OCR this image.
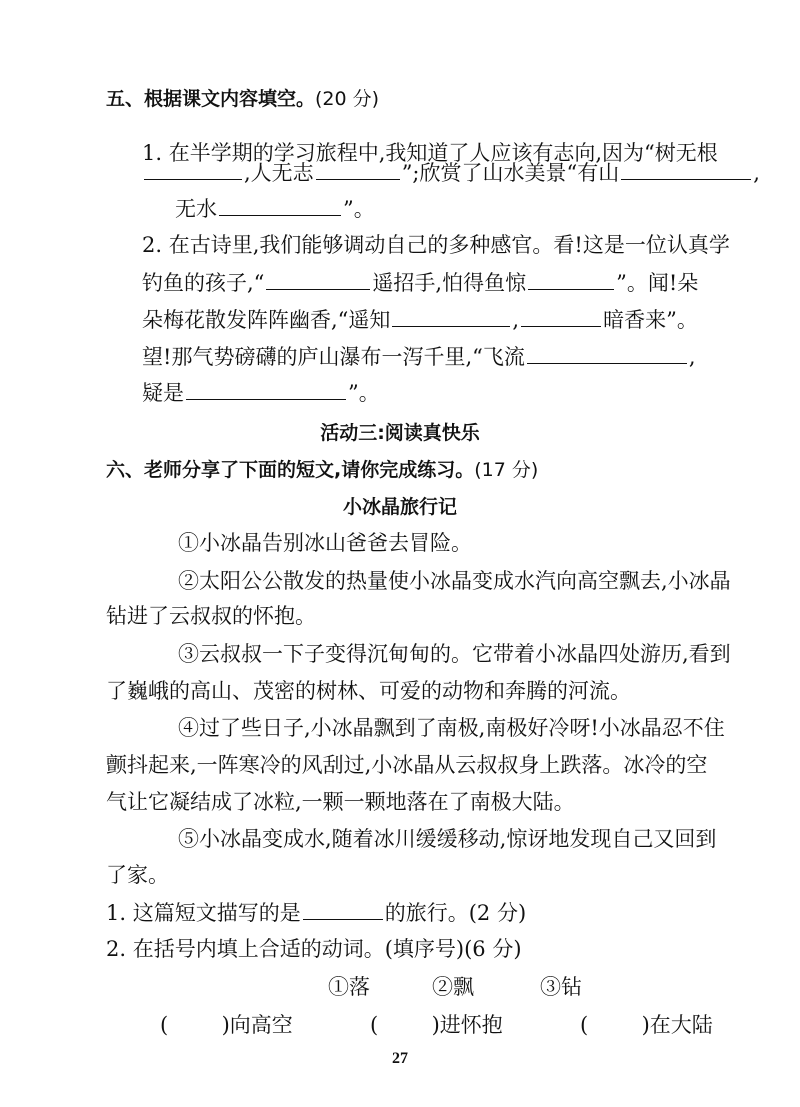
五、根据课文内容填空。(20 分)
1. 在半学期的学习旅程中,我知道了人应该有志向,因为“树无根
,人无志	”;欣赏了山水美景“有山	,
无水	”。
2. 在古诗里,我们能够调动自己的多种感官。看!这是一位认真学
钓鱼的孩子,“	遥招手,怕得鱼惊	”。闻!朵
朵梅花散发阵阵幽香,“遥知	,	暗香来”。
望!那气势磅礴的庐山瀑布一泻千里,“飞流	,
疑是	”。
活动三:阅读真快乐
六、老师分享了下面的短文,请你完成练习。(17 分)
小冰晶旅行记
①小冰晶告别冰山爸爸去冒险。
②太阳公公散发的热量使小冰晶变成水汽向高空飘去,小冰晶
钻进了云叔叔的怀抱。
③云叔叔一下子变得沉甸甸的。它带着小冰晶四处游历,看到
了巍峨的高山、茂密的树林、可爱的动物和奔腾的河流。
④过了些日子,小冰晶飘到了南极,南极好冷呀!小冰晶忍不住
颤抖起来,一阵寒冷的风刮过,小冰晶从云叔叔身上跌落。冰冷的空
气让它凝结成了冰粒,一颗一颗地落在了南极大陆。
⑤小冰晶变成水,随着冰川缓缓移动,惊讶地发现自己又回到
了家。
1. 这篇短文描写的是	的旅行。(2 分)
2. 在括号内填上合适的动词。(填序号)(6 分)
①落	②飘	③钻
(        )向高空	(        )进怀抱	(        )在大陆
27
